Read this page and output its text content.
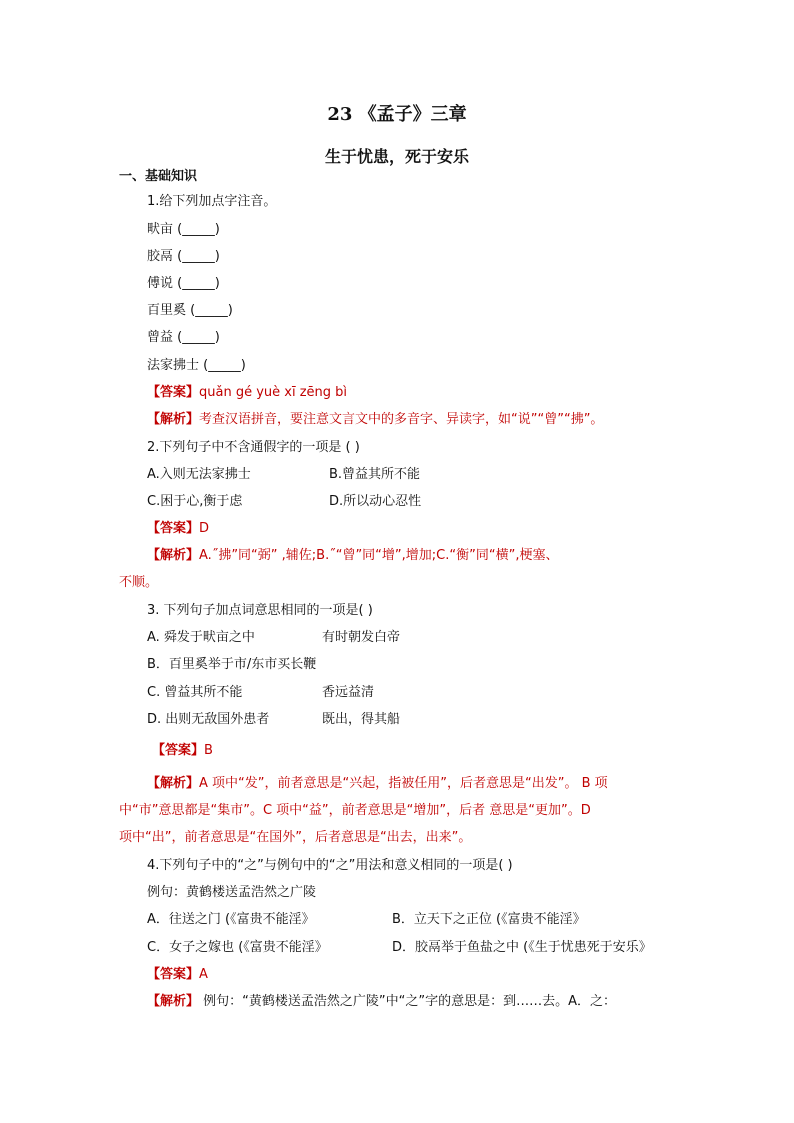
23 《孟子》三章
生于忧患，死于安乐
一、基础知识
1.给下列加点字注音。
畎亩 (_____)
胶鬲 (_____)
傅说 (_____)
百里奚 (_____)
曾益 (_____)
法家拂士 (_____)
【答案】quǎn gé yuè xī zēng bì
【解析】考查汉语拼音，要注意文言文中的多音字、异读字，如“说”“曾”“拂”。
2.下列句子中不含通假字的一项是 ( )
A.入则无法家拂士	B.曾益其所不能
C.困于心,衡于虑	D.所以动心忍性
【答案】D
【解析】A.˝拂”同“弼” ,辅佐;B.˝“曾”同“增”,增加;C.“衡”同“横”,梗塞、
不顺。
3. 下列句子加点词意思相同的一项是( )
A. 舜发于畎亩之中	有时朝发白帝
B．百里奚举于市/东市买长鞭
C. 曾益其所不能	香远益清
D. 出则无敌国外患者	既出，得其船
【答案】B
【解析】A 项中“发”，前者意思是“兴起，指被任用”，后者意思是“出发”。 B 项
中“市”意思都是“集市”。C 项中“益”，前者意思是“增加”，后者 意思是“更加”。D
项中“出”，前者意思是“在国外”，后者意思是“出去，出来”。
4.下列句子中的“之”与例句中的“之”用法和意义相同的一项是( )
例句：黄鹤楼送孟浩然之广陵
A．往送之门 (《富贵不能淫》	B．立天下之正位 (《富贵不能淫》
C．女子之嫁也 (《富贵不能淫》	D．胶鬲举于鱼盐之中 (《生于忧患死于安乐》
【答案】A
【解析】 例句：“黄鹤楼送孟浩然之广陵”中“之”字的意思是：到……去。A．之：
